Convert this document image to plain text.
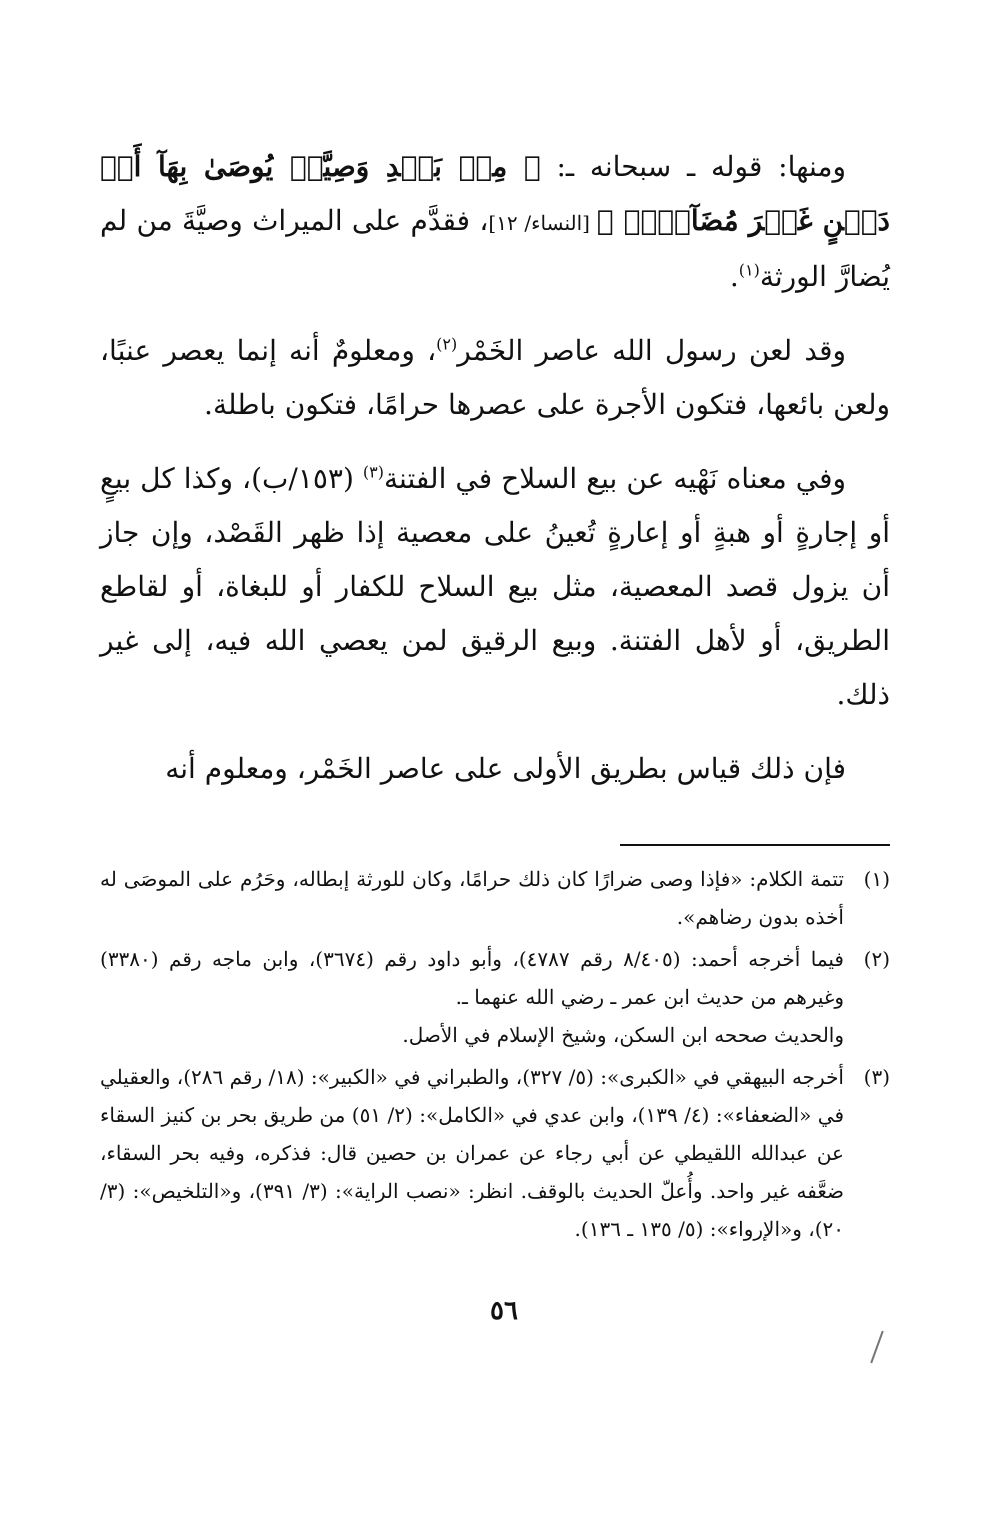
ومنها: قوله ـ سبحانه ـ: ﴿ مِنۢ بَعۡدِ وَصِيَّةٖ يُوصَىٰ بِهَآ أَوۡ دَيۡنٍ غَيۡرَ مُضَآرّٖۚ ﴾ [النساء/ ١٢]، فقدَّم على الميراث وصيَّةَ من لم يُضارَّ الورثة$^{(١)}$.

وقد لعن رسول الله عاصر الخَمْر$^{(٢)}$، ومعلومٌ أنه إنما يعصر عنبًا، ولعن بائعها، فتكون الأجرة على عصرها حرامًا، فتكون باطلة.

وفي معناه نَهْيه عن بيع السلاح في الفتنة$^{(٣)}$ (١٥٣/ب)، وكذا كل بيعٍ أو إجارةٍ أو هبةٍ أو إعارةٍ تُعينُ على معصية إذا ظهر القَصْد، وإن جاز أن يزول قصد المعصية، مثل بيع السلاح للكفار أو للبغاة، أو لقاطع الطريق، أو لأهل الفتنة. وبيع الرقيق لمن يعصي الله فيه، إلى غير ذلك.

فإن ذلك قياس بطريق الأولى على عاصر الخَمْر، ومعلوم أنه

(١)

تتمة الكلام: «فإذا وصى ضرارًا كان ذلك حرامًا، وكان للورثة إبطاله، وحَرُم على الموصَى له أخذه بدون رضاهم».

(٢)

فيما أخرجه أحمد: (٨/٤٠٥ رقم ٤٧٨٧)، وأبو داود رقم (٣٦٧٤)، وابن ماجه رقم (٣٣٨٠) وغيرهم من حديث ابن عمر ـ رضي الله عنهما ـ.

والحديث صححه ابن السكن، وشيخ الإسلام في الأصل.

(٣)

أخرجه البيهقي في «الكبرى»: (٥/ ٣٢٧)، والطبراني في «الكبير»: (١٨/ رقم ٢٨٦)، والعقيلي في «الضعفاء»: (٤/ ١٣٩)، وابن عدي في «الكامل»: (٢/ ٥١) من طريق بحر بن كنيز السقاء عن عبدالله اللقيطي عن أبي رجاء عن عمران بن حصين قال: فذكره، وفيه بحر السقاء، ضعَّفه غير واحد. وأُعلّ الحديث بالوقف. انظر: «نصب الراية»: (٣/ ٣٩١)، و«التلخيص»: (٣/ ٢٠)، و«الإرواء»: (٥/ ١٣٥ ـ ١٣٦).

٥٦
